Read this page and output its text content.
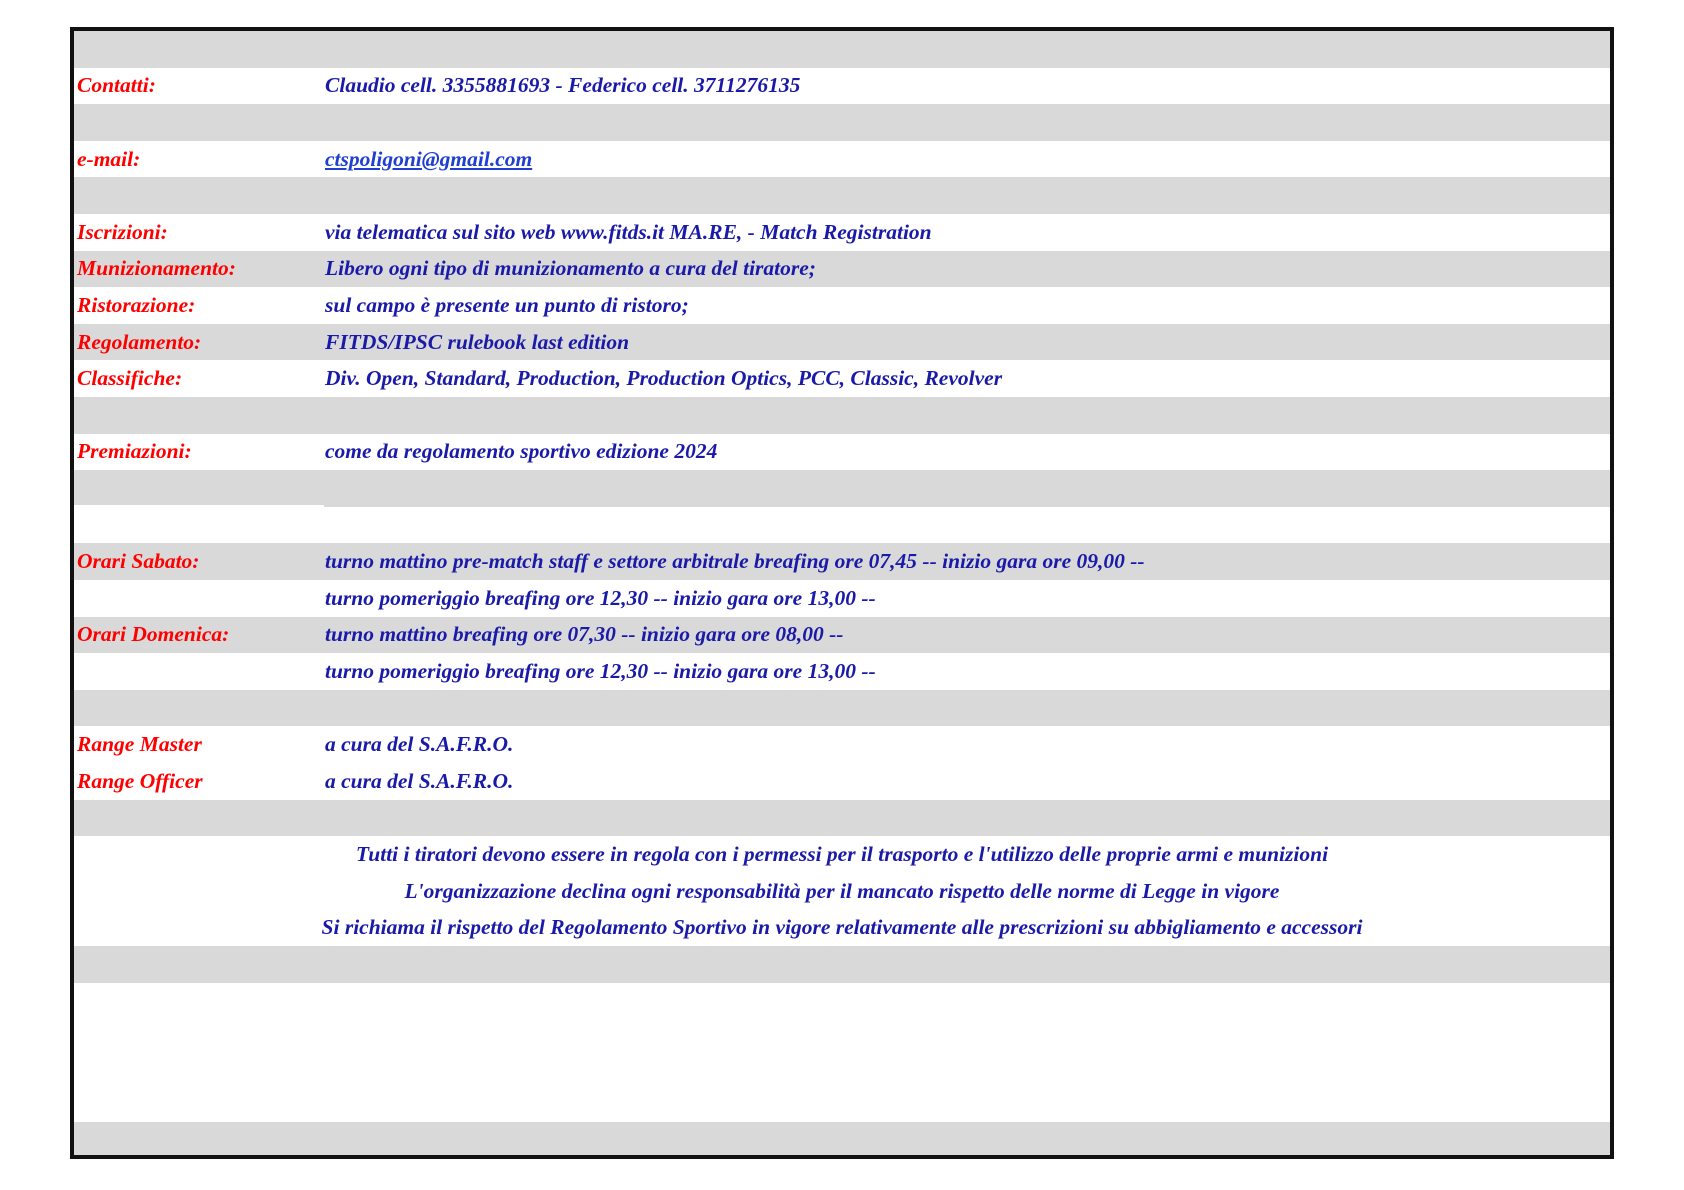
Contatti:	Claudio cell. 3355881693 - Federico cell. 3711276135
e-mail:	ctspoligoni@gmail.com
Iscrizioni:	via telematica sul sito web www.fitds.it MA.RE, - Match Registration
Munizionamento:	Libero ogni tipo di munizionamento a cura del tiratore;
Ristorazione:	sul campo è presente un punto di ristoro;
Regolamento:	FITDS/IPSC rulebook last edition
Classifiche:	Div. Open, Standard, Production, Production Optics, PCC, Classic, Revolver
Premiazioni:	come da regolamento sportivo edizione 2024
Orari Sabato:	turno mattino pre-match staff e settore arbitrale breafing ore 07,45 -- inizio gara ore 09,00 --
turno pomeriggio breafing ore 12,30 -- inizio gara ore 13,00 --
Orari Domenica:	turno mattino breafing ore 07,30 -- inizio gara ore 08,00 --
turno pomeriggio breafing ore 12,30 -- inizio gara ore 13,00 --
Range Master	a cura del S.A.F.R.O.
Range Officer	a cura del S.A.F.R.O.
Tutti i tiratori devono essere in regola con i permessi per il trasporto e l'utilizzo delle proprie armi e munizioni
L'organizzazione declina ogni responsabilità per il mancato rispetto delle norme di Legge in vigore
Si richiama il rispetto del Regolamento Sportivo in vigore relativamente alle prescrizioni su abbigliamento e accessori
